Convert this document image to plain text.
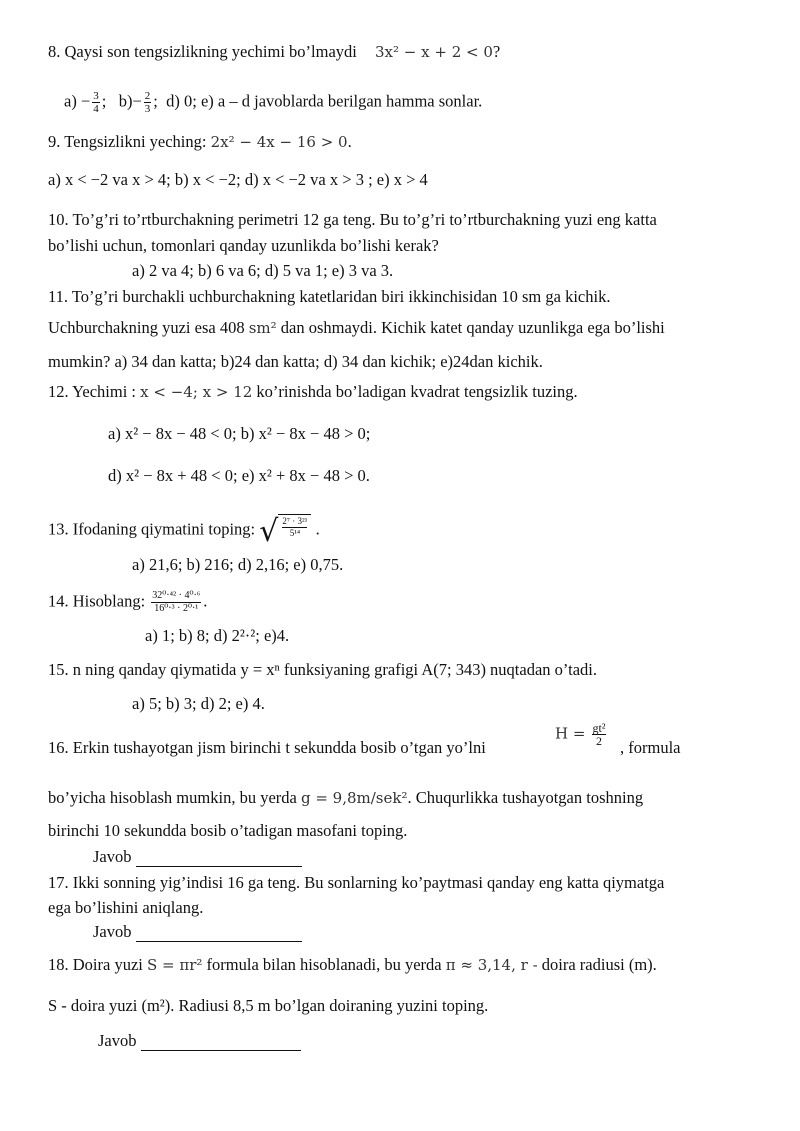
8. Qaysi son tengsizlikning yechimi bo’lmaydi 3x² − x + 2 < 0?
$a) - \frac{3}{4}$ ;   $b)- \frac{2}{3}$ ;  d) 0; e) a – d javoblarda berilgan hamma sonlar.
9. Tengsizlikni yeching: 2x² − 4x − 16 > 0.
a) x < −2 va x > 4; b) x < −2; d) x < −2 va x > 3 ; e) x > 4
10. To’g’ri to’rtburchakning perimetri 12 ga teng. Bu to’g’ri to’rtburchakning yuzi eng katta
bo’lishi uchun, tomonlari qanday uzunlikda bo’lishi kerak?
a) 2 va 4; b) 6 va 6; d) 5 va 1; e) 3 va 3.
11. To’g’ri burchakli uchburchakning katetlaridan biri ikkinchisidan 10 sm ga kichik.
Uchburchakning yuzi esa 408 sm² dan oshmaydi. Kichik katet qanday uzunlikga ega bo’lishi
mumkin? a) 34 dan katta; b)24 dan katta; d) 34 dan kichik; e)24dan kichik.
12. Yechimi : x < −4; x > 12 ko’rinishda bo’ladigan kvadrat tengsizlik tuzing.
a) x² − 8x − 48 < 0; b) x² − 8x − 48 > 0;
d) x² − 8x + 48 < 0; e) x² + 8x − 48 > 0.
13. Ifodaning qiymatini toping: √ $\frac{\text{2⁷ · 3²¹}}{\text{5¹⁴}}$ .
a) 21,6; b) 216; d) 2,16; e) 0,75.
14. Hisoblang: $\frac{\text{32⁰·⁴² · 4⁰·⁶}}{\text{16⁰·³ · 2⁰·¹}}$ .
a) 1; b) 8; d) 2²·²; e)4.
15. n ning qanday qiymatida y = xⁿ funksiyaning grafigi A(7; 343) nuqtadan o’tadi.
a) 5; b) 3; d) 2; e) 4.
16. Erkin tushayotgan jism birinchi t sekundda bosib o’tgan yo’lni
$H = \frac{\text{gt²}}{2}$
, formula
bo’yicha hisoblash mumkin, bu yerda g = 9,8m/sek². Chuqurlikka tushayotgan toshning
birinchi 10 sekundda bosib o’tadigan masofani toping.
Javob
17. Ikki sonning yig’indisi 16 ga teng. Bu sonlarning ko’paytmasi qanday eng katta qiymatga
ega bo’lishini aniqlang.
Javob
18. Doira yuzi S = πr² formula bilan hisoblanadi, bu yerda π ≈ 3,14, r - doira radiusi (m).
S - doira yuzi (m²). Radiusi 8,5 m bo’lgan doiraning yuzini toping.
Javob
